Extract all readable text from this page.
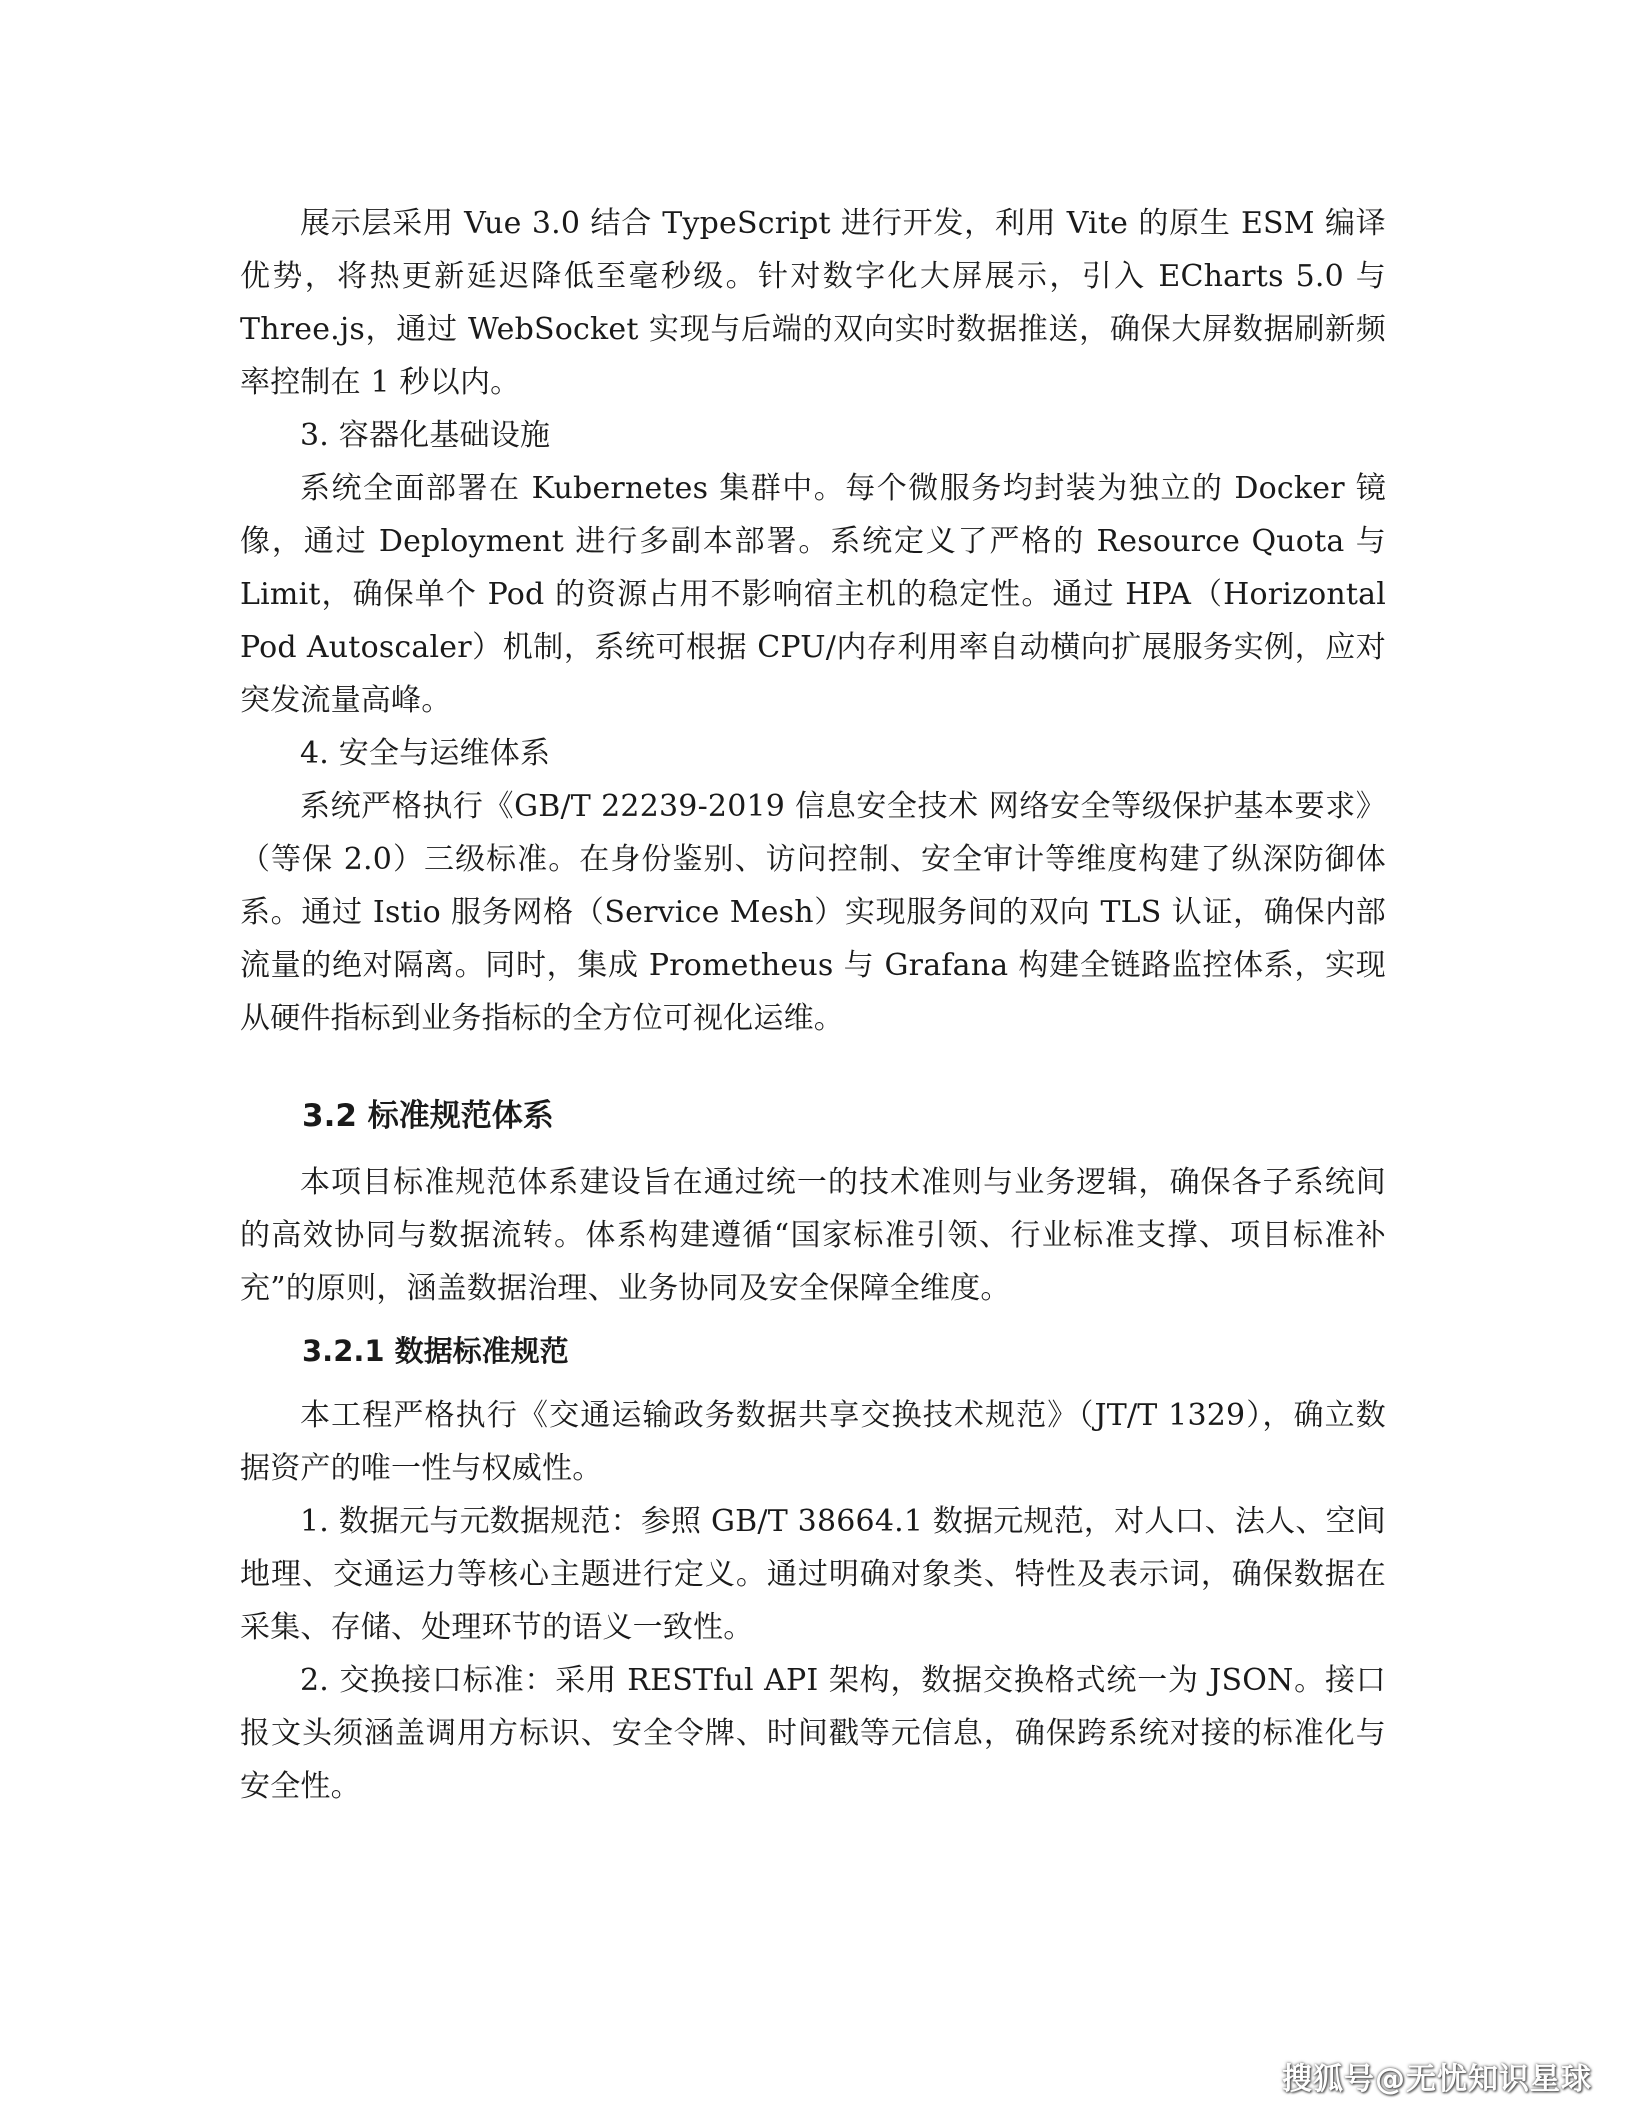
展示层采用 Vue 3.0 结合 TypeScript 进行开发，利用 Vite 的原生 ESM 编译优势，将热更新延迟降低至毫秒级。针对数字化大屏展示，引入 ECharts 5.0 与 Three.js，通过 WebSocket 实现与后端的双向实时数据推送，确保大屏数据刷新频率控制在 1 秒以内。

3. 容器化基础设施

系统全面部署在 Kubernetes 集群中。每个微服务均封装为独立的 Docker 镜像，通过 Deployment 进行多副本部署。系统定义了严格的 Resource Quota 与 Limit，确保单个 Pod 的资源占用不影响宿主机的稳定性。通过 HPA（Horizontal Pod Autoscaler）机制，系统可根据 CPU/内存利用率自动横向扩展服务实例，应对突发流量高峰。

4. 安全与运维体系

系统严格执行《GB/T 22239-2019 信息安全技术 网络安全等级保护基本要求》（等保 2.0）三级标准。在身份鉴别、访问控制、安全审计等维度构建了纵深防御体系。通过 Istio 服务网格（Service Mesh）实现服务间的双向 TLS 认证，确保内部流量的绝对隔离。同时，集成 Prometheus 与 Grafana 构建全链路监控体系，实现从硬件指标到业务指标的全方位可视化运维。

3.2 标准规范体系

本项目标准规范体系建设旨在通过统一的技术准则与业务逻辑，确保各子系统间的高效协同与数据流转。体系构建遵循“国家标准引领、行业标准支撑、项目标准补充”的原则，涵盖数据治理、业务协同及安全保障全维度。

3.2.1 数据标准规范

本工程严格执行《交通运输政务数据共享交换技术规范》（JT/T 1329），确立数据资产的唯一性与权威性。

1. 数据元与元数据规范：参照 GB/T 38664.1 数据元规范，对人口、法人、空间地理、交通运力等核心主题进行定义。通过明确对象类、特性及表示词，确保数据在采集、存储、处理环节的语义一致性。

2. 交换接口标准：采用 RESTful API 架构，数据交换格式统一为 JSON。接口报文头须涵盖调用方标识、安全令牌、时间戳等元信息，确保跨系统对接的标准化与安全性。

搜狐号@无忧知识星球
